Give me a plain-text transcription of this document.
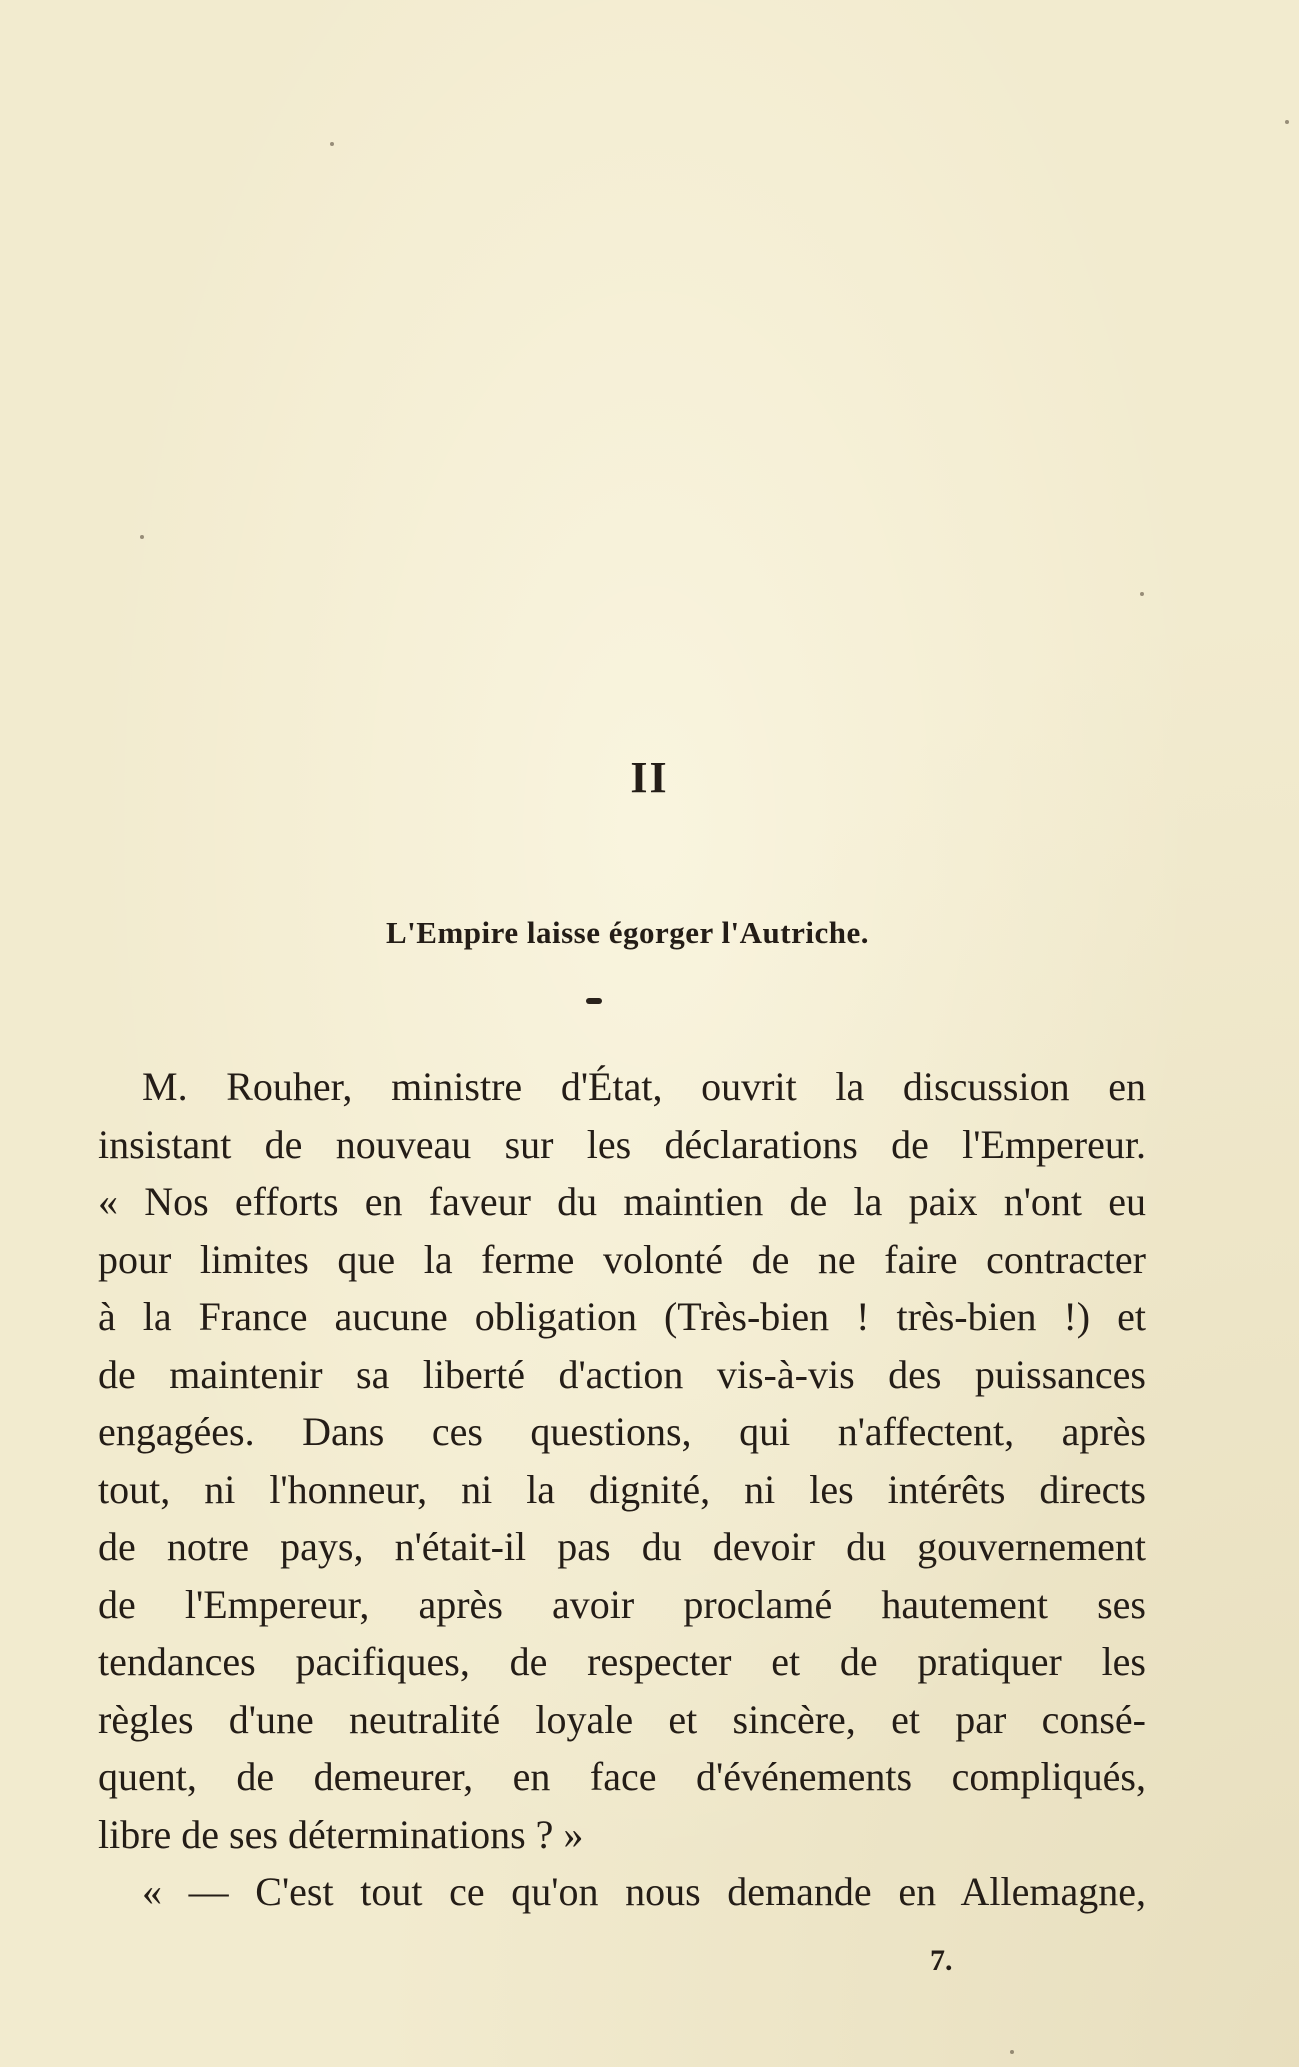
II
L'Empire laisse égorger l'Autriche.
M. Rouher, ministre d'État, ouvrit la discussion en
insistant de nouveau sur les déclarations de l'Empereur.
« Nos efforts en faveur du maintien de la paix n'ont eu
pour limites que la ferme volonté de ne faire contracter
à la France aucune obligation (Très-bien ! très-bien !) et
de maintenir sa liberté d'action vis-à-vis des puissances
engagées. Dans ces questions, qui n'affectent, après
tout, ni l'honneur, ni la dignité, ni les intérêts directs
de notre pays, n'était-il pas du devoir du gouvernement
de l'Empereur, après avoir proclamé hautement ses
tendances pacifiques, de respecter et de pratiquer les
règles d'une neutralité loyale et sincère, et par consé-
quent, de demeurer, en face d'événements compliqués,
libre de ses déterminations ? »
« — C'est tout ce qu'on nous demande en Allemagne,
7.
